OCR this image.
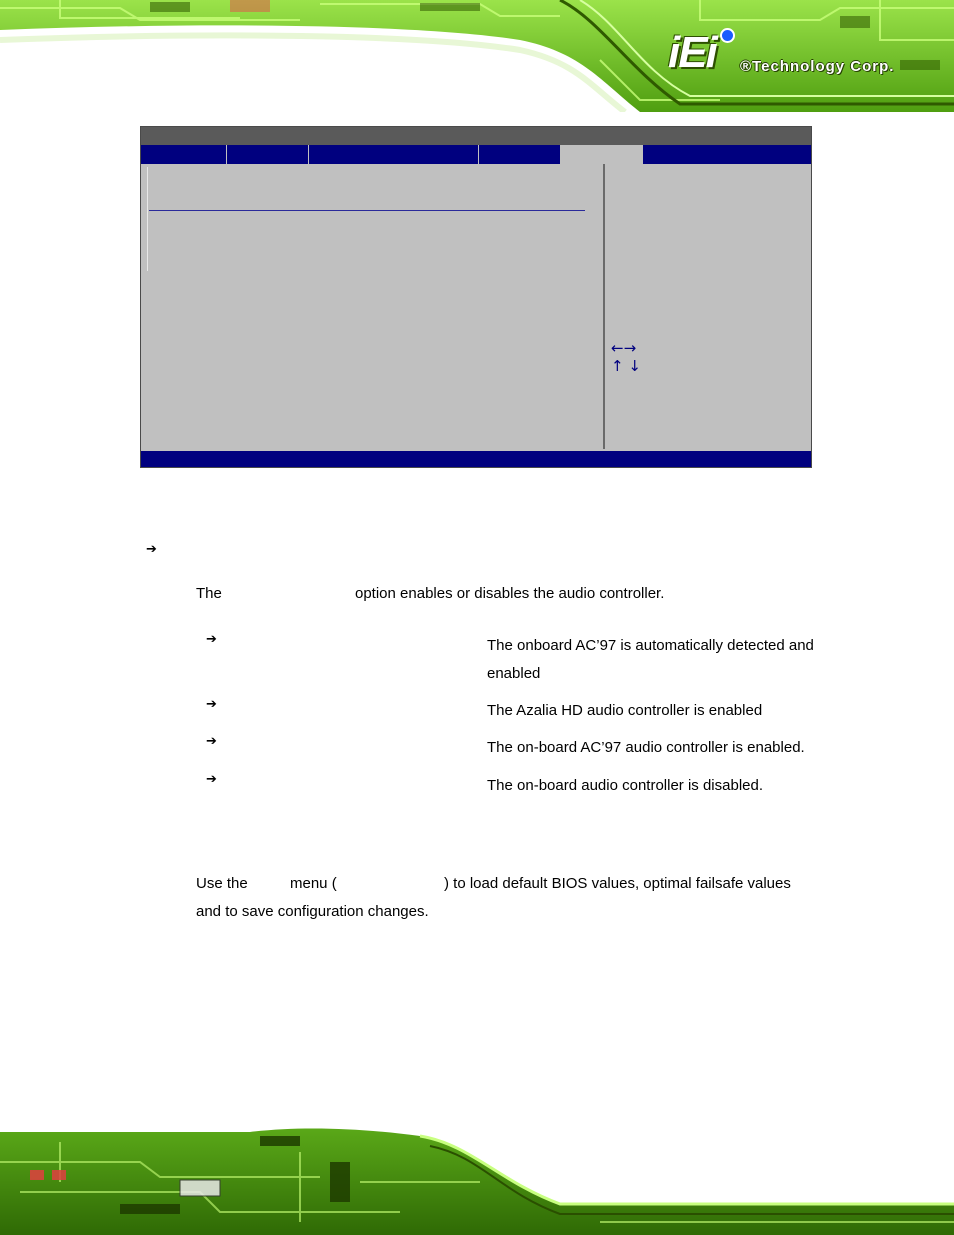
iEi ®Technology Corp.
←→
↑ ↓
➔
The	option enables or disables the audio controller.
➔	The onboard AC’97 is automatically detected and
enabled
➔	The Azalia HD audio controller is enabled
➔	The on-board AC’97 audio controller is enabled.
➔	The on-board audio controller is disabled.
Use the	menu (	) to load default BIOS values, optimal failsafe values
and to save configuration changes.
